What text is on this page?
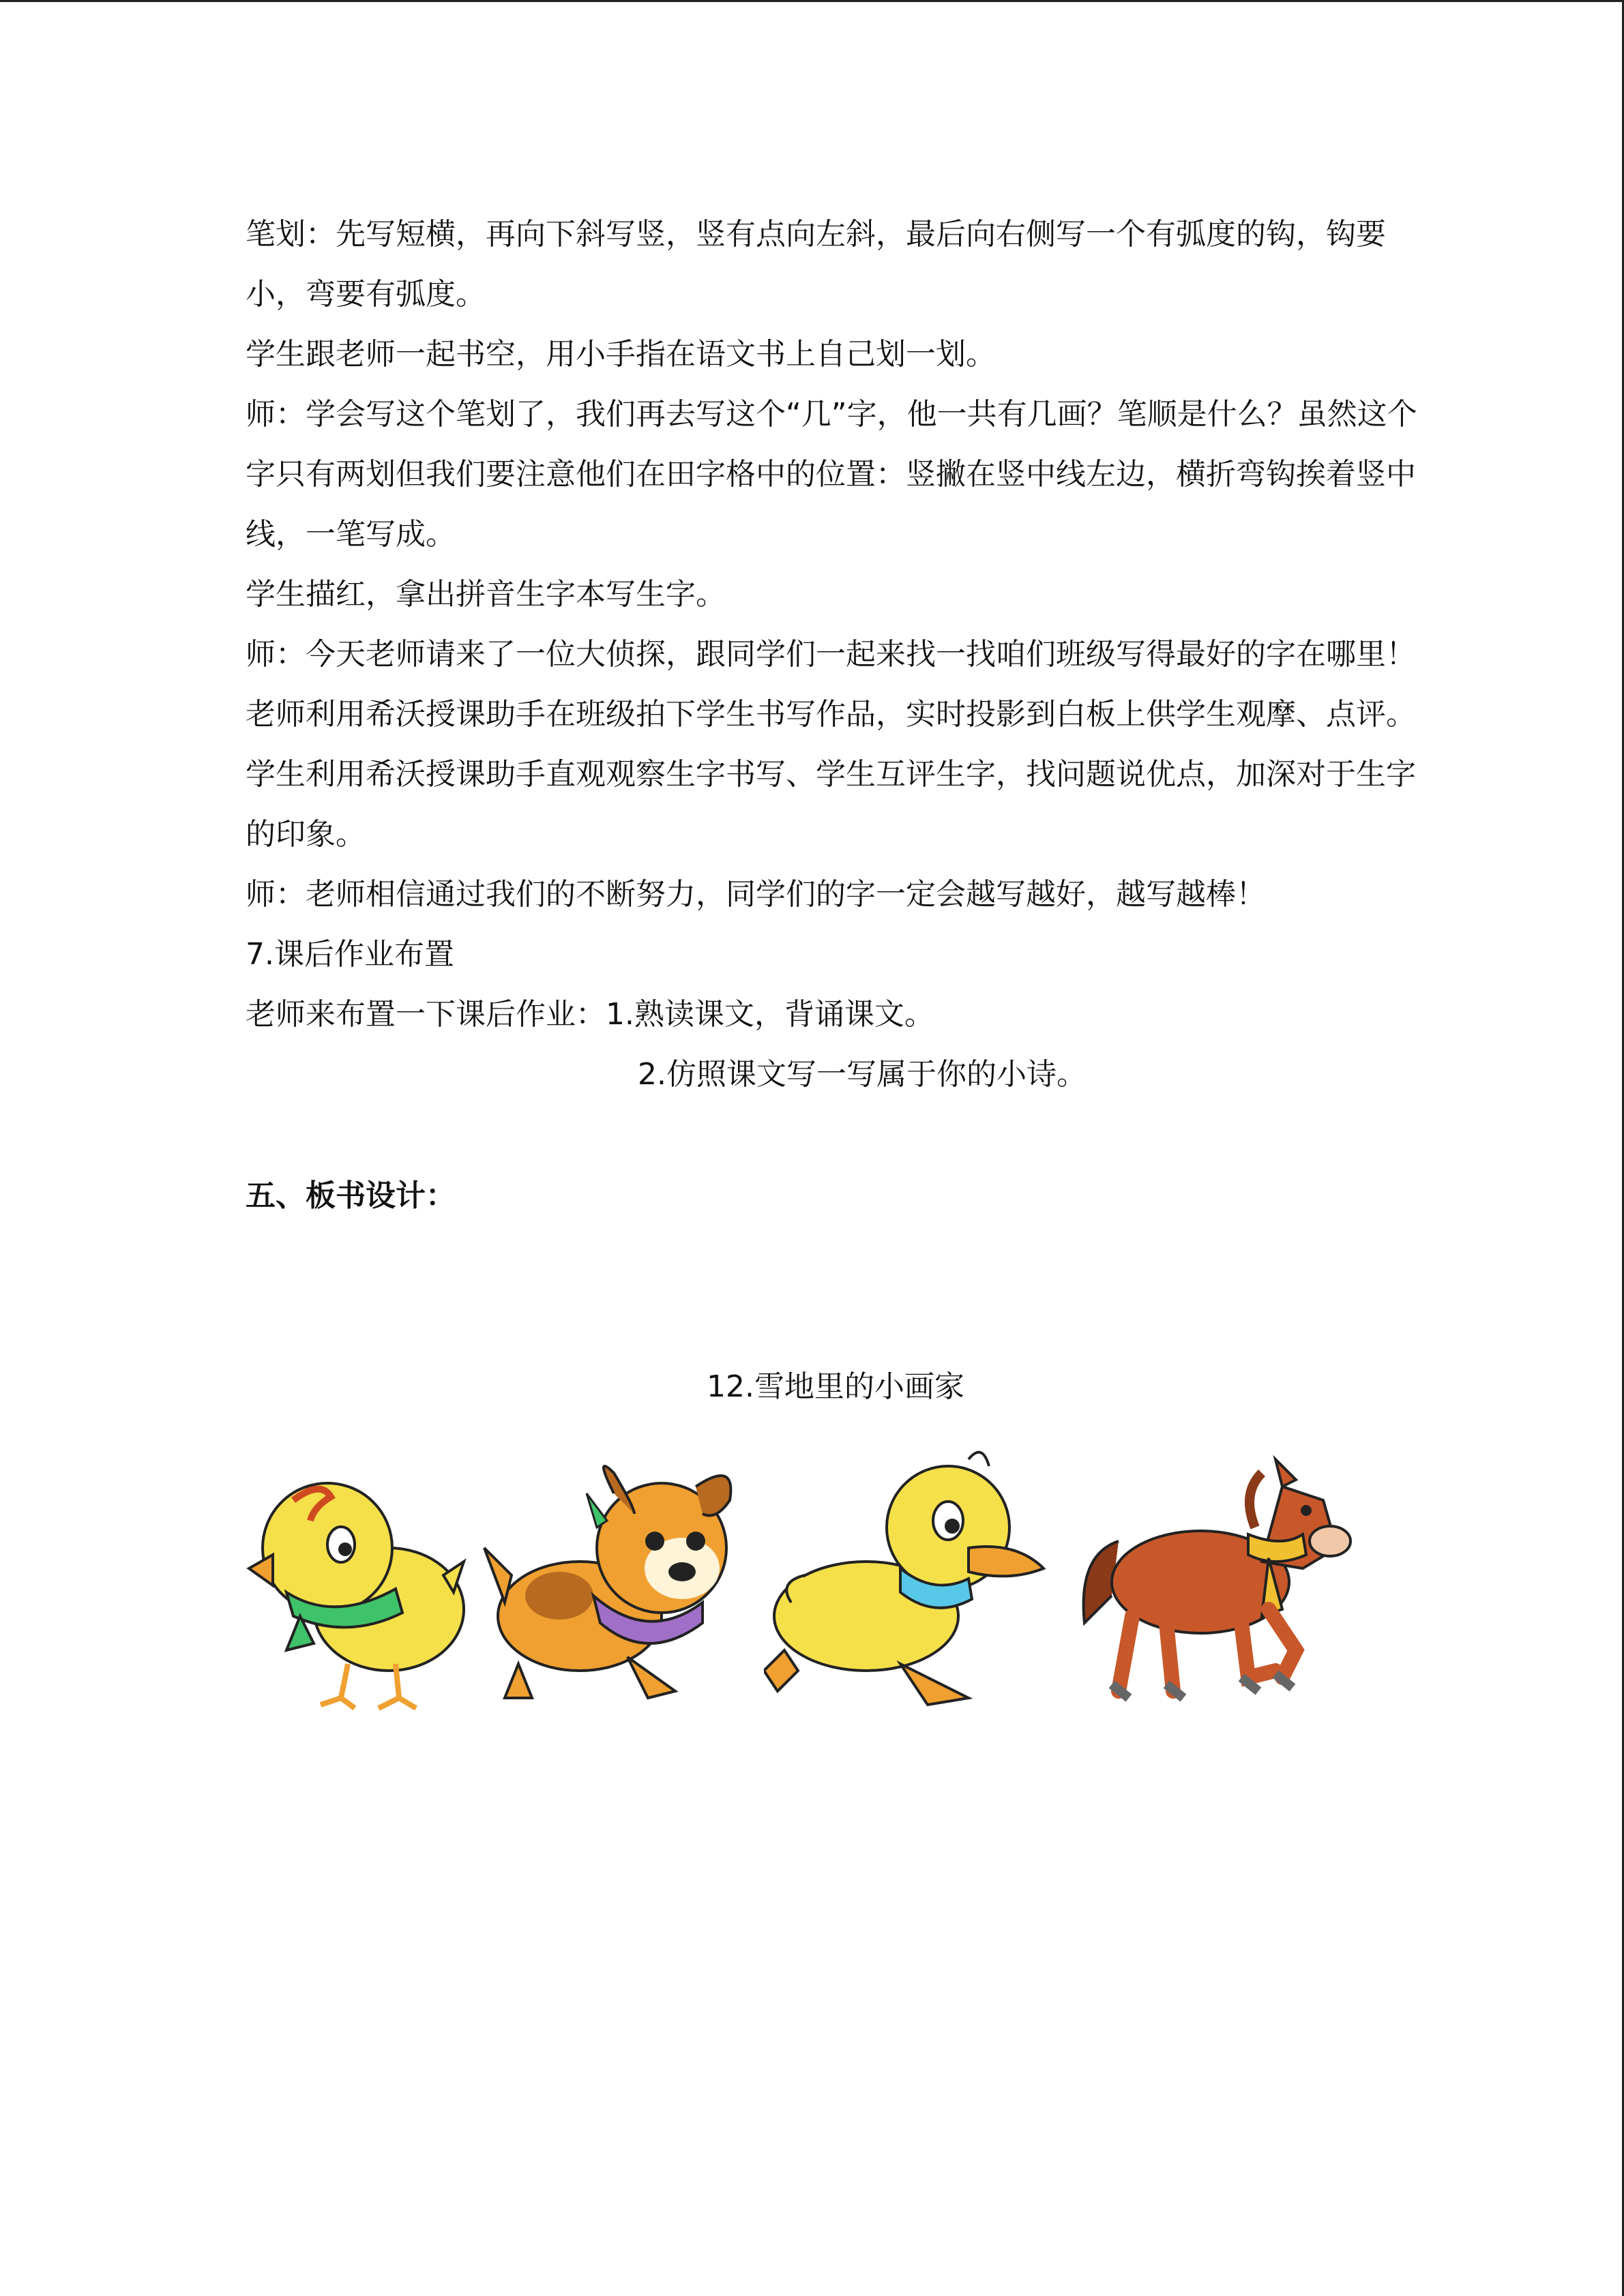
笔划：先写短横，再向下斜写竖，竖有点向左斜，最后向右侧写一个有弧度的钩，钩要小，弯要有弧度。

学生跟老师一起书空，用小手指在语文书上自己划一划。

师：学会写这个笔划了，我们再去写这个“几”字，他一共有几画？笔顺是什么？虽然这个字只有两划但我们要注意他们在田字格中的位置：竖撇在竖中线左边，横折弯钩挨着竖中线，一笔写成。

学生描红，拿出拼音生字本写生字。

师：今天老师请来了一位大侦探，跟同学们一起来找一找咱们班级写得最好的字在哪里！老师利用希沃授课助手在班级拍下学生书写作品，实时投影到白板上供学生观摩、点评。

学生利用希沃授课助手直观观察生字书写、学生互评生字，找问题说优点，加深对于生字的印象。

师：老师相信通过我们的不断努力，同学们的字一定会越写越好，越写越棒！

7.课后作业布置

老师来布置一下课后作业：1.熟读课文，背诵课文。

2.仿照课文写一写属于你的小诗。

五、板书设计：

12.雪地里的小画家
